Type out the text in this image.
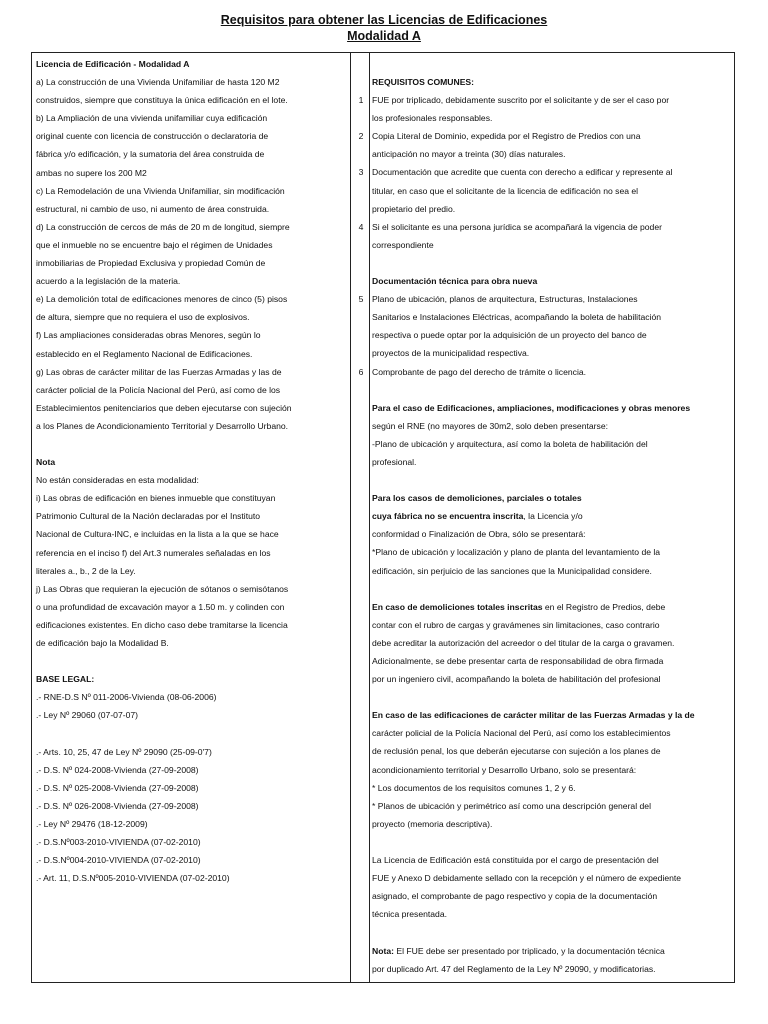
Requisitos para obtener las Licencias de Edificaciones
Modalidad A
Licencia de Edificación - Modalidad A
a) La construcción de una Vivienda Unifamiliar de hasta 120 M2
construidos, siempre que constituya la única edificación en el lote.
b) La Ampliación de una vivienda unifamiliar cuya edificación
original cuente con licencia de construcción o declaratoria de
fábrica y/o edificación, y la sumatoria del área construida de
ambas no supere los 200 M2
c) La Remodelación de una Vivienda Unifamiliar, sin modificación
estructural, ni cambio de uso, ni aumento de área construida.
d) La construcción de cercos de más de 20 m de longitud, siempre
que el inmueble no se encuentre bajo el régimen de Unidades
inmobiliarias de Propiedad Exclusiva y propiedad Común de
acuerdo a la legislación de la materia.
e) La demolición total de edificaciones menores de cinco (5) pisos
de altura, siempre que no requiera el uso de explosivos.
f) Las ampliaciones consideradas obras Menores, según lo
establecido en el Reglamento Nacional de Edificaciones.
g) Las obras de carácter militar de las Fuerzas Armadas y las de
carácter policial de la Policía Nacional del Perú, así como de los
Establecimientos penitenciarios que deben ejecutarse con sujeción
a los Planes de Acondicionamiento Territorial y Desarrollo Urbano.
Nota
No están consideradas en esta modalidad:
i) Las obras de edificación en bienes inmueble que constituyan
Patrimonio Cultural de la Nación declaradas por el Instituto
Nacional de Cultura-INC, e incluidas en la lista a la que se hace
referencia en el inciso f) del Art.3 numerales señaladas en los
literales a., b., 2 de la Ley.
j) Las Obras que requieran la ejecución de sótanos o semisótanos
o una profundidad de excavación mayor a 1.50 m. y colinden con
edificaciones existentes. En dicho caso debe tramitarse la licencia
de edificación bajo la Modalidad B.
BASE LEGAL:
.- RNE-D.S Nº 011-2006-Vivienda (08-06-2006)
.- Ley Nº 29060 (07-07-07)
.- Arts. 10, 25, 47 de Ley Nº 29090 (25-09-0'7)
.- D.S. Nº 024-2008-Vivienda (27-09-2008)
.- D.S. Nº 025-2008-Vivienda (27-09-2008)
.- D.S. Nº 026-2008-Vivienda (27-09-2008)
.- Ley Nº 29476 (18-12-2009)
.- D.S.Nº003-2010-VIVIENDA (07-02-2010)
.- D.S.Nº004-2010-VIVIENDA (07-02-2010)
.- Art. 11, D.S.Nº005-2010-VIVIENDA (07-02-2010)
1
2
3
4
5
6
REQUISITOS COMUNES:
FUE por triplicado, debidamente suscrito por el solicitante y de ser el caso por
los profesionales responsables.
Copia Literal de Dominio, expedida por el Registro de Predios con una
anticipación no mayor a treinta (30) días naturales.
Documentación que acredite que cuenta con derecho a edificar y represente al
titular, en caso que el solicitante de la licencia de edificación no sea el
propietario del predio.
Si el solicitante es una persona jurídica se acompañará la vigencia de poder
correspondiente
Documentación técnica para obra nueva
Plano de ubicación, planos de arquitectura, Estructuras, Instalaciones
Sanitarios e Instalaciones Eléctricas, acompañando la boleta de habilitación
respectiva o puede optar por la adquisición de un proyecto del banco de
proyectos de la municipalidad respectiva.
Comprobante de pago del derecho de trámite o licencia.
Para el caso de Edificaciones, ampliaciones, modificaciones y obras menores
según el RNE (no mayores de 30m2, solo deben presentarse:
-Plano de ubicación y arquitectura, así como la boleta de habilitación del
profesional.
Para los casos de demoliciones, parciales o totales
cuya fábrica no se encuentra inscrita, la Licencia y/o
conformidad o Finalización de Obra, sólo se presentará:
*Plano de ubicación y localización y plano de planta del levantamiento de la
edificación, sin perjuicio de las sanciones que la Municipalidad considere.
En caso de demoliciones totales inscritas en el Registro de Predios, debe
contar con el rubro de cargas y gravámenes sin limitaciones, caso contrario
debe acreditar la autorización del acreedor o del titular de la carga o gravamen.
Adicionalmente, se debe presentar carta de responsabilidad de obra firmada
por un ingeniero civil, acompañando la boleta de habilitación del profesional
En caso de las edificaciones de carácter militar de las Fuerzas Armadas y la de
carácter policial de la Policía Nacional del Perú, así como los establecimientos
de reclusión penal, los que deberán ejecutarse con sujeción a los planes de
acondicionamiento territorial y Desarrollo Urbano, solo se presentará:
* Los documentos de los requisitos comunes 1, 2 y 6.
* Planos de ubicación y perimétrico así como una descripción general del
proyecto (memoria descriptiva).
La Licencia de Edificación está constituida por el cargo de presentación del
FUE y Anexo D debidamente sellado con la recepción y el número de expediente
asignado, el comprobante de pago respectivo y copia de la documentación
técnica presentada.
Nota: El FUE debe ser presentado por triplicado, y la documentación técnica
por duplicado Art. 47 del Reglamento de la Ley Nº 29090, y modificatorias.
